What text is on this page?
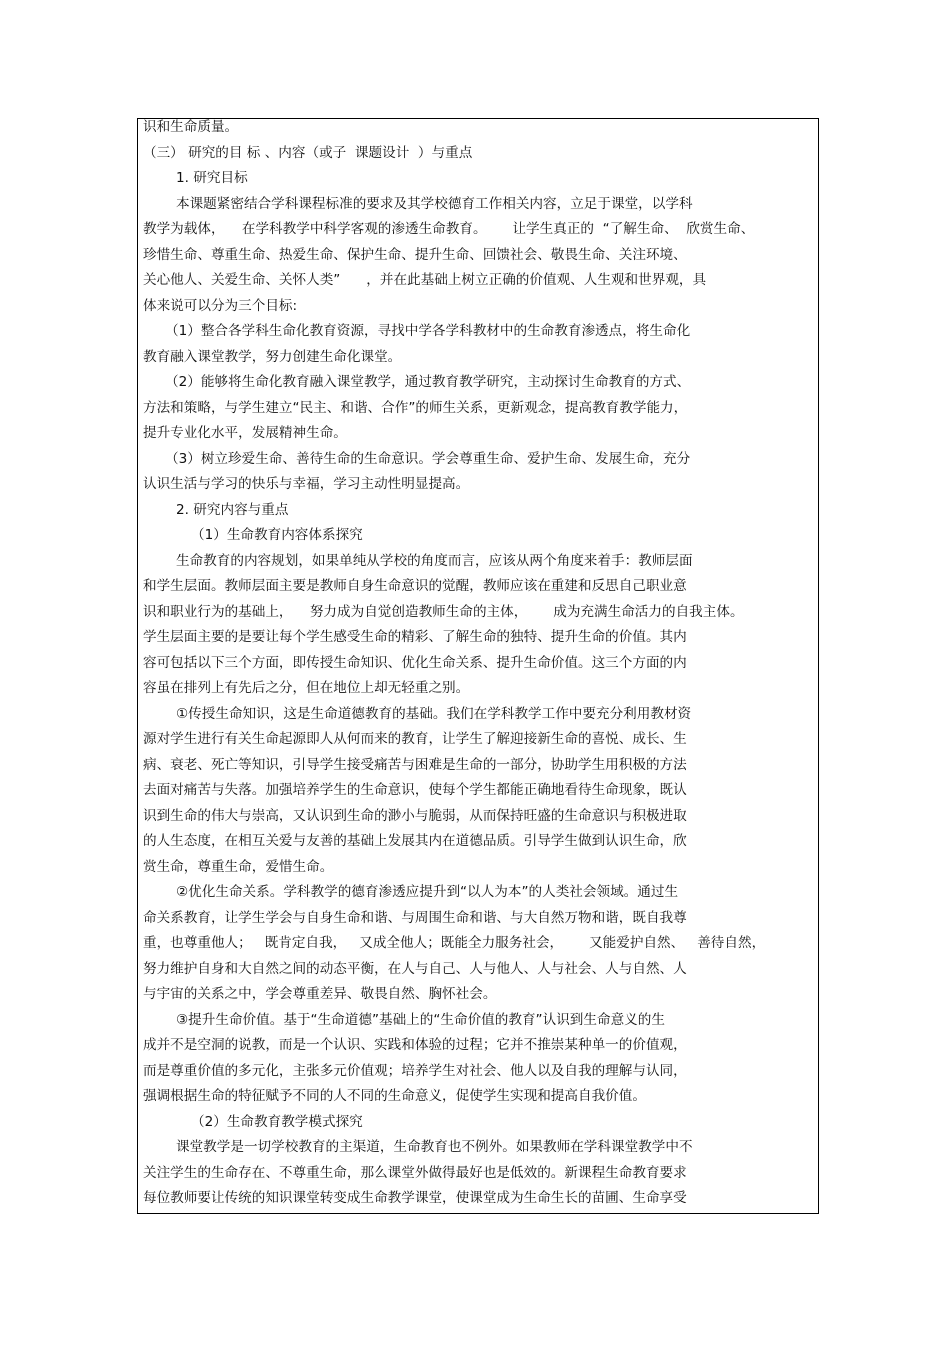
识和生命质量。
（三） 研究的目 标 、内容（或子  课题设计  ）与重点
1. 研究目标
本课题紧密结合学科课程标准的要求及其学校德育工作相关内容，立足于课堂，以学科
教学为载体，    在学科教学中科学客观的渗透生命教育。      让学生真正的  “了解生命、  欣赏生命、
珍惜生命、尊重生命、热爱生命、保护生命、提升生命、回馈社会、敬畏生命、关注环境、
关心他人、关爱生命、关怀人类”      ，并在此基础上树立正确的价值观、人生观和世界观，具
体来说可以分为三个目标:
（1）整合各学科生命化教育资源，寻找中学各学科教材中的生命教育渗透点，将生命化
教育融入课堂教学，努力创建生命化课堂。
（2）能够将生命化教育融入课堂教学，通过教育教学研究，主动探讨生命教育的方式、
方法和策略，与学生建立“民主、和谐、合作”的师生关系，更新观念，提高教育教学能力，
提升专业化水平，发展精神生命。
（3）树立珍爱生命、善待生命的生命意识。学会尊重生命、爱护生命、发展生命，充分
认识生活与学习的快乐与幸福，学习主动性明显提高。
2. 研究内容与重点
（1）生命教育内容体系探究
生命教育的内容规划，如果单纯从学校的角度而言，应该从两个角度来着手：教师层面
和学生层面。教师层面主要是教师自身生命意识的觉醒，教师应该在重建和反思自己职业意
识和职业行为的基础上，    努力成为自觉创造教师生命的主体，      成为充满生命活力的自我主体。
学生层面主要的是要让每个学生感受生命的精彩、了解生命的独特、提升生命的价值。其内
容可包括以下三个方面，即传授生命知识、优化生命关系、提升生命价值。这三个方面的内
容虽在排列上有先后之分，但在地位上却无轻重之别。
①传授生命知识，这是生命道德教育的基础。我们在学科教学工作中要充分利用教材资
源对学生进行有关生命起源即人从何而来的教育，让学生了解迎接新生命的喜悦、成长、生
病、衰老、死亡等知识，引导学生接受痛苦与困难是生命的一部分，协助学生用积极的方法
去面对痛苦与失落。加强培养学生的生命意识，使每个学生都能正确地看待生命现象，既认
识到生命的伟大与崇高，又认识到生命的渺小与脆弱，从而保持旺盛的生命意识与积极进取
的人生态度，在相互关爱与友善的基础上发展其内在道德品质。引导学生做到认识生命，欣
赏生命，尊重生命，爱惜生命。
②优化生命关系。学科教学的德育渗透应提升到“以人为本”的人类社会领域。通过生
命关系教育，让学生学会与自身生命和谐、与周围生命和谐、与大自然万物和谐，既自我尊
重，也尊重他人；   既肯定自我，   又成全他人；既能全力服务社会，      又能爱护自然、   善待自然，
努力维护自身和大自然之间的动态平衡，在人与自己、人与他人、人与社会、人与自然、人
与宇宙的关系之中，学会尊重差异、敬畏自然、胸怀社会。
③提升生命价值。基于“生命道德”基础上的“生命价值的教育”认识到生命意义的生
成并不是空洞的说教，而是一个认识、实践和体验的过程；它并不推崇某种单一的价值观，
而是尊重价值的多元化，主张多元价值观；培养学生对社会、他人以及自我的理解与认同，
强调根据生命的特征赋予不同的人不同的生命意义，促使学生实现和提高自我价值。
（2）生命教育教学模式探究
课堂教学是一切学校教育的主渠道，生命教育也不例外。如果教师在学科课堂教学中不
关注学生的生命存在、不尊重生命，那么课堂外做得最好也是低效的。新课程生命教育要求
每位教师要让传统的知识课堂转变成生命教学课堂，使课堂成为生命生长的苗圃、生命享受
